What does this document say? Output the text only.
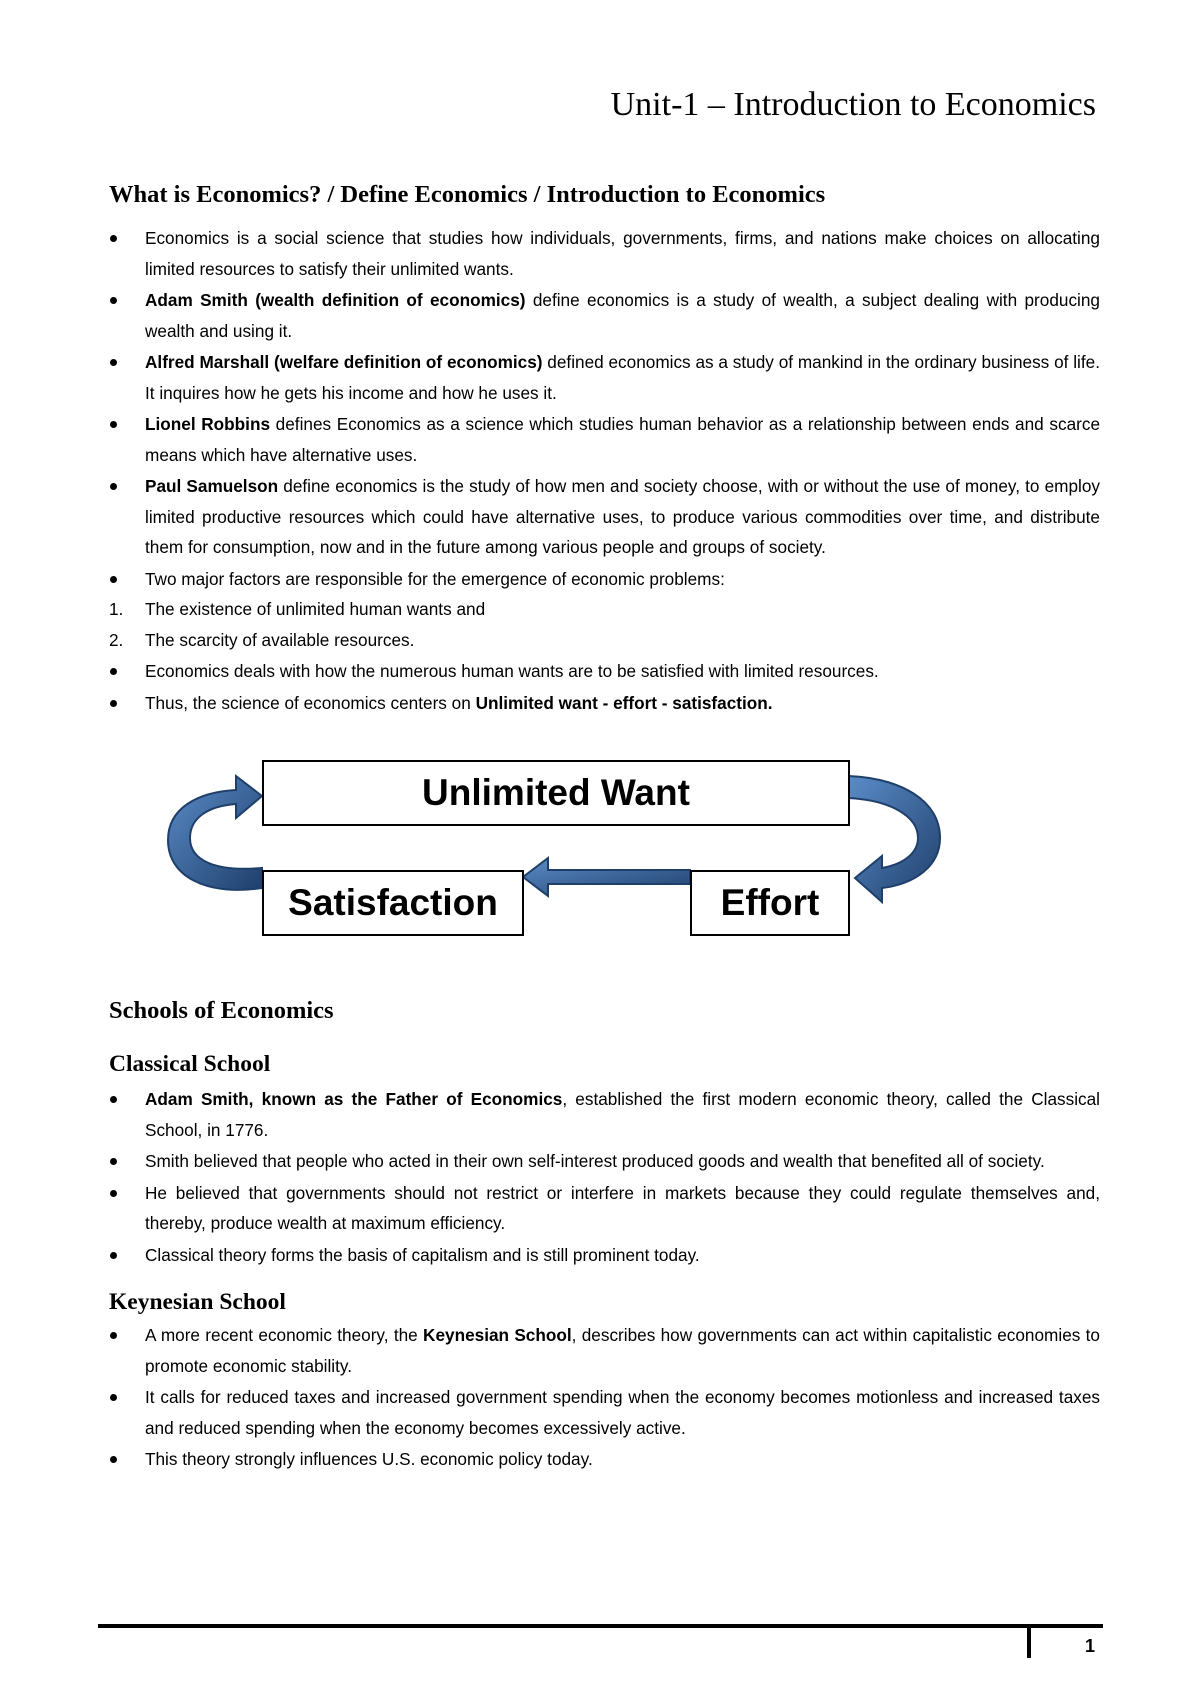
Unit-1 – Introduction to Economics
What is Economics? / Define Economics / Introduction to Economics
Economics is a social science that studies how individuals, governments, firms, and nations make choices on allocating limited resources to satisfy their unlimited wants.
Adam Smith (wealth definition of economics) define economics is a study of wealth, a subject dealing with producing wealth and using it.
Alfred Marshall (welfare definition of economics) defined economics as a study of mankind in the ordinary business of life. It inquires how he gets his income and how he uses it.
Lionel Robbins defines Economics as a science which studies human behavior as a relationship between ends and scarce means which have alternative uses.
Paul Samuelson define economics is the study of how men and society choose, with or without the use of money, to employ limited productive resources which could have alternative uses, to produce various commodities over time, and distribute them for consumption, now and in the future among various people and groups of society.
Two major factors are responsible for the emergence of economic problems:
1. The existence of unlimited human wants and
2. The scarcity of available resources.
Economics deals with how the numerous human wants are to be satisfied with limited resources.
Thus, the science of economics centers on Unlimited want - effort - satisfaction.
Unlimited Want
Satisfaction	Effort
Schools of Economics
Classical School
Adam Smith, known as the Father of Economics, established the first modern economic theory, called the Classical School, in 1776.
Smith believed that people who acted in their own self-interest produced goods and wealth that benefited all of society.
He believed that governments should not restrict or interfere in markets because they could regulate themselves and, thereby, produce wealth at maximum efficiency.
Classical theory forms the basis of capitalism and is still prominent today.
Keynesian School
A more recent economic theory, the Keynesian School, describes how governments can act within capitalistic economies to promote economic stability.
It calls for reduced taxes and increased government spending when the economy becomes motionless and increased taxes and reduced spending when the economy becomes excessively active.
This theory strongly influences U.S. economic policy today.
1
